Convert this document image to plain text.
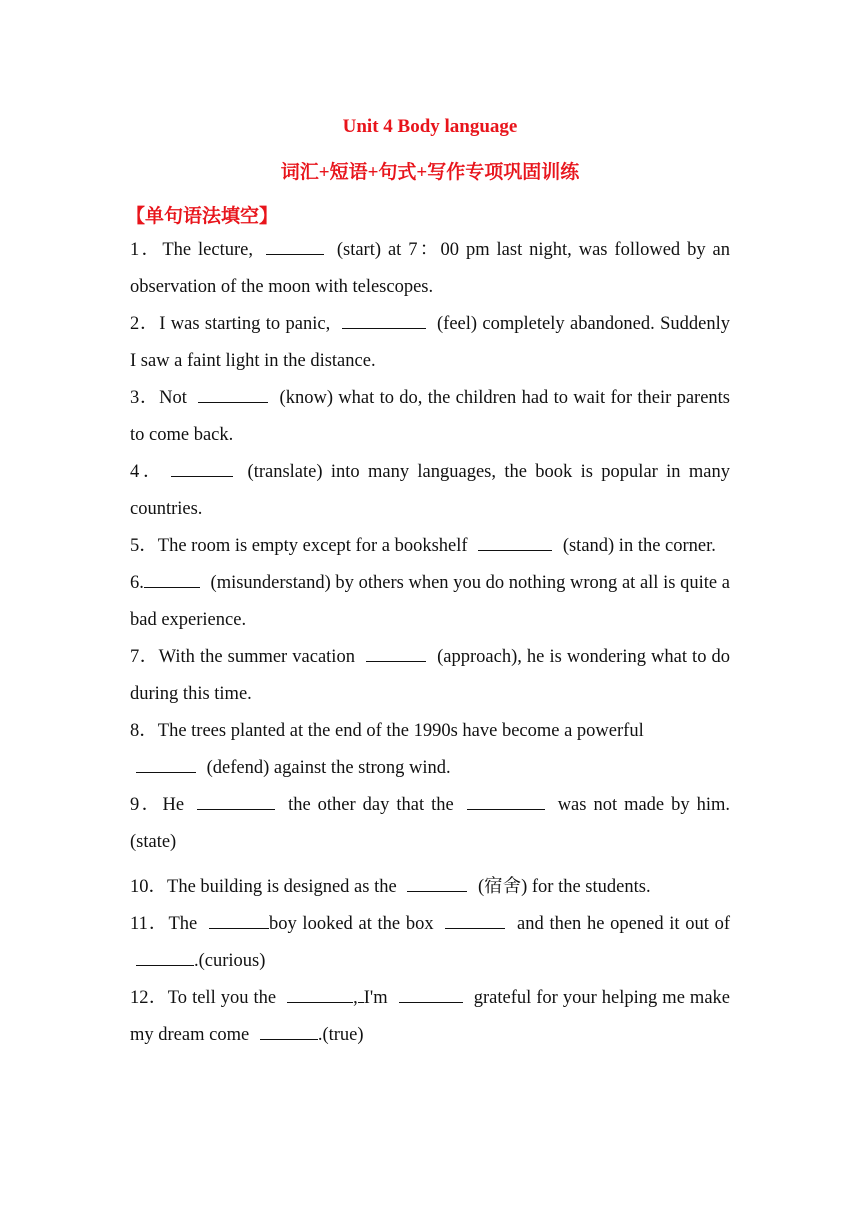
Unit 4 Body language
词汇+短语+句式+写作专项巩固训练
【单句语法填空】
1．The lecture,	(start) at 7：00 pm last night, was followed by an observation of the moon with telescopes.
2．I was starting to panic,	(feel) completely abandoned. Suddenly I saw a faint light in the distance.
3．Not	(know) what to do, the children had to wait for their parents to come back.
4．	(translate) into many languages, the book is popular in many countries.
5．The room is empty except for a bookshelf	(stand) in the corner.
6.	(misunderstand) by others when you do nothing wrong at all is quite a bad experience.
7．With the summer vacation	(approach), he is wondering what to do during this time.
8．The trees planted at the end of the 1990s have become a powerful
(defend) against the strong wind.
9．He	the other day that the	was not made by him.(state)
10．The building is designed as the	(宿舍) for the students.
11．The	boy looked at the box	and then he opened it out of .(curious)
12．To tell you the	, I'm	grateful for your helping me make my dream come	.(true)
